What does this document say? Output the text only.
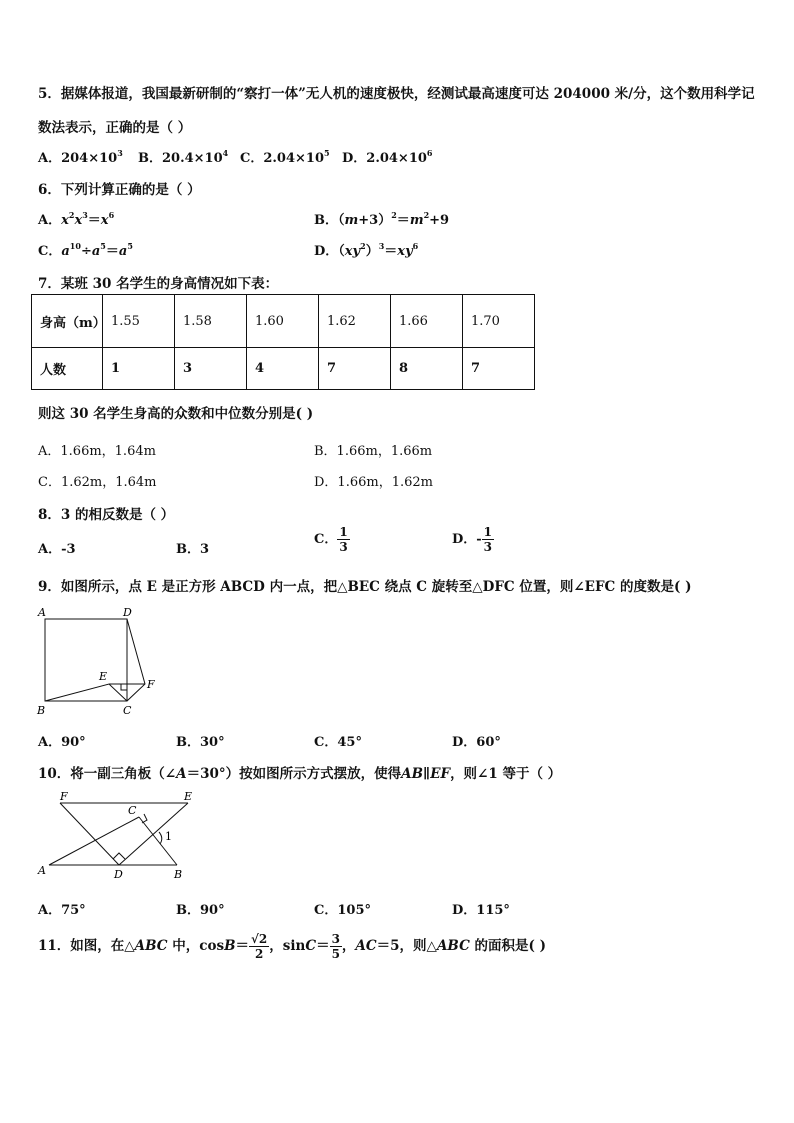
5．据媒体报道，我国最新研制的“察打一体”无人机的速度极快，经测试最高速度可达 204000 米/分，这个数用科学记
数法表示，正确的是（ ）
A．$204\times 10^3$ B．$20.4\times 10^4$ C．$2.04\times 10^5$ D．$2.04\times 10^6$
6．下列计算正确的是（ ）
A．$x^2x^3=x^6$	B．$(m+3)^2=m^2+9$
C．$a^{10}\div a^5=a^5$	D．$(xy^2)^3=xy^6$
7．某班 30 名学生的身高情况如下表：
身高（m）	1.55	1.58	1.60	1.62	1.66	1.70
人数	1	3	4	7	8	7
则这 30 名学生身高的众数和中位数分别是( )
A．1.66m，1.64m	B．1.66m，1.66m
C．1.62m，1.64m	D．1.66m，1.62m
8．3 的相反数是（ ）
A．-3	B．3
C． $\frac{1}{3}$	D．- $\frac{1}{3}$
9．如图所示，点 E 是正方形 ABCD 内一点，把△BEC 绕点 C 旋转至△DFC 位置，则∠EFC 的度数是( )
A	D
B	C
E
F
A．90°	B．30°	C．45°	D．60°
10．将一副三角板（∠A＝30°）按如图所示方式摆放，使得AB∥EF，则∠1 等于（ ）
F	E
C
A	D	B
1
A．75°	B．90°	C．105°	D．115°
11．如图，在△ABC 中，$\cos B= \frac{√2}{2}$ ，$\sin C= \frac{3}{5}$ ，AC＝5，则△ABC 的面积是( )
